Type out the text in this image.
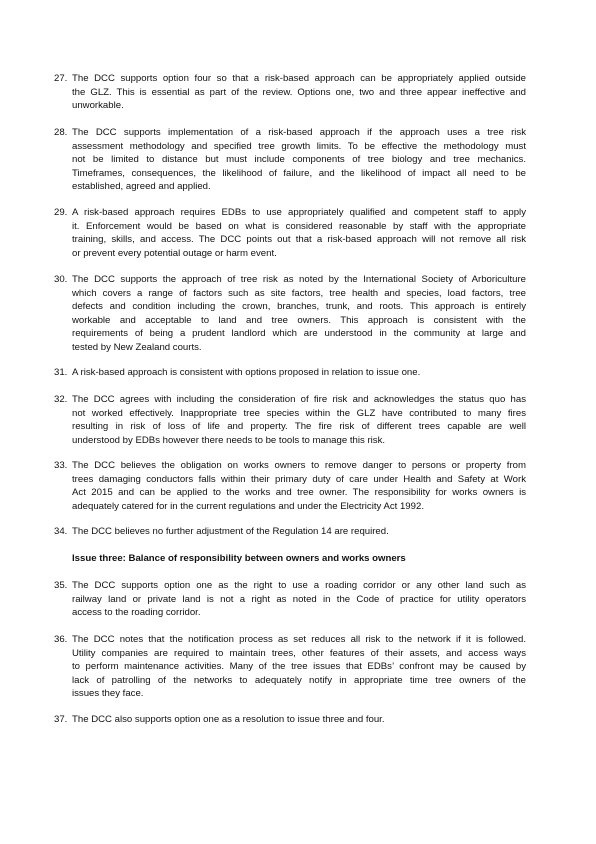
27. The DCC supports option four so that a risk-based approach can be appropriately applied outside
the GLZ. This is essential as part of the review. Options one, two and three appear ineffective and
unworkable.
28. The DCC supports implementation of a risk-based approach if the approach uses a tree risk
assessment methodology and specified tree growth limits. To be effective the methodology must
not be limited to distance but must include components of tree biology and tree mechanics.
Timeframes, consequences, the likelihood of failure, and the likelihood of impact all need to be
established, agreed and applied.
29. A risk-based approach requires EDBs to use appropriately qualified and competent staff to apply
it. Enforcement would be based on what is considered reasonable by staff with the appropriate
training, skills, and access. The DCC points out that a risk-based approach will not remove all risk
or prevent every potential outage or harm event.
30. The DCC supports the approach of tree risk as noted by the International Society of Arboriculture
which covers a range of factors such as site factors, tree health and species, load factors, tree
defects and condition including the crown, branches, trunk, and roots. This approach is entirely
workable and acceptable to land and tree owners. This approach is consistent with the
requirements of being a prudent landlord which are understood in the community at large and
tested by New Zealand courts.
31. A risk-based approach is consistent with options proposed in relation to issue one.
32. The DCC agrees with including the consideration of fire risk and acknowledges the status quo has
not worked effectively. Inappropriate tree species within the GLZ have contributed to many fires
resulting in risk of loss of life and property. The fire risk of different trees capable are well
understood by EDBs however there needs to be tools to manage this risk.
33. The DCC believes the obligation on works owners to remove danger to persons or property from
trees damaging conductors falls within their primary duty of care under Health and Safety at Work
Act 2015 and can be applied to the works and tree owner. The responsibility for works owners is
adequately catered for in the current regulations and under the Electricity Act 1992.
34. The DCC believes no further adjustment of the Regulation 14 are required.
Issue three: Balance of responsibility between owners and works owners
35. The DCC supports option one as the right to use a roading corridor or any other land such as
railway land or private land is not a right as noted in the Code of practice for utility operators
access to the roading corridor.
36. The DCC notes that the notification process as set reduces all risk to the network if it is followed.
Utility companies are required to maintain trees, other features of their assets, and access ways
to perform maintenance activities. Many of the tree issues that EDBs’ confront may be caused by
lack of patrolling of the networks to adequately notify in appropriate time tree owners of the
issues they face.
37. The DCC also supports option one as a resolution to issue three and four.
